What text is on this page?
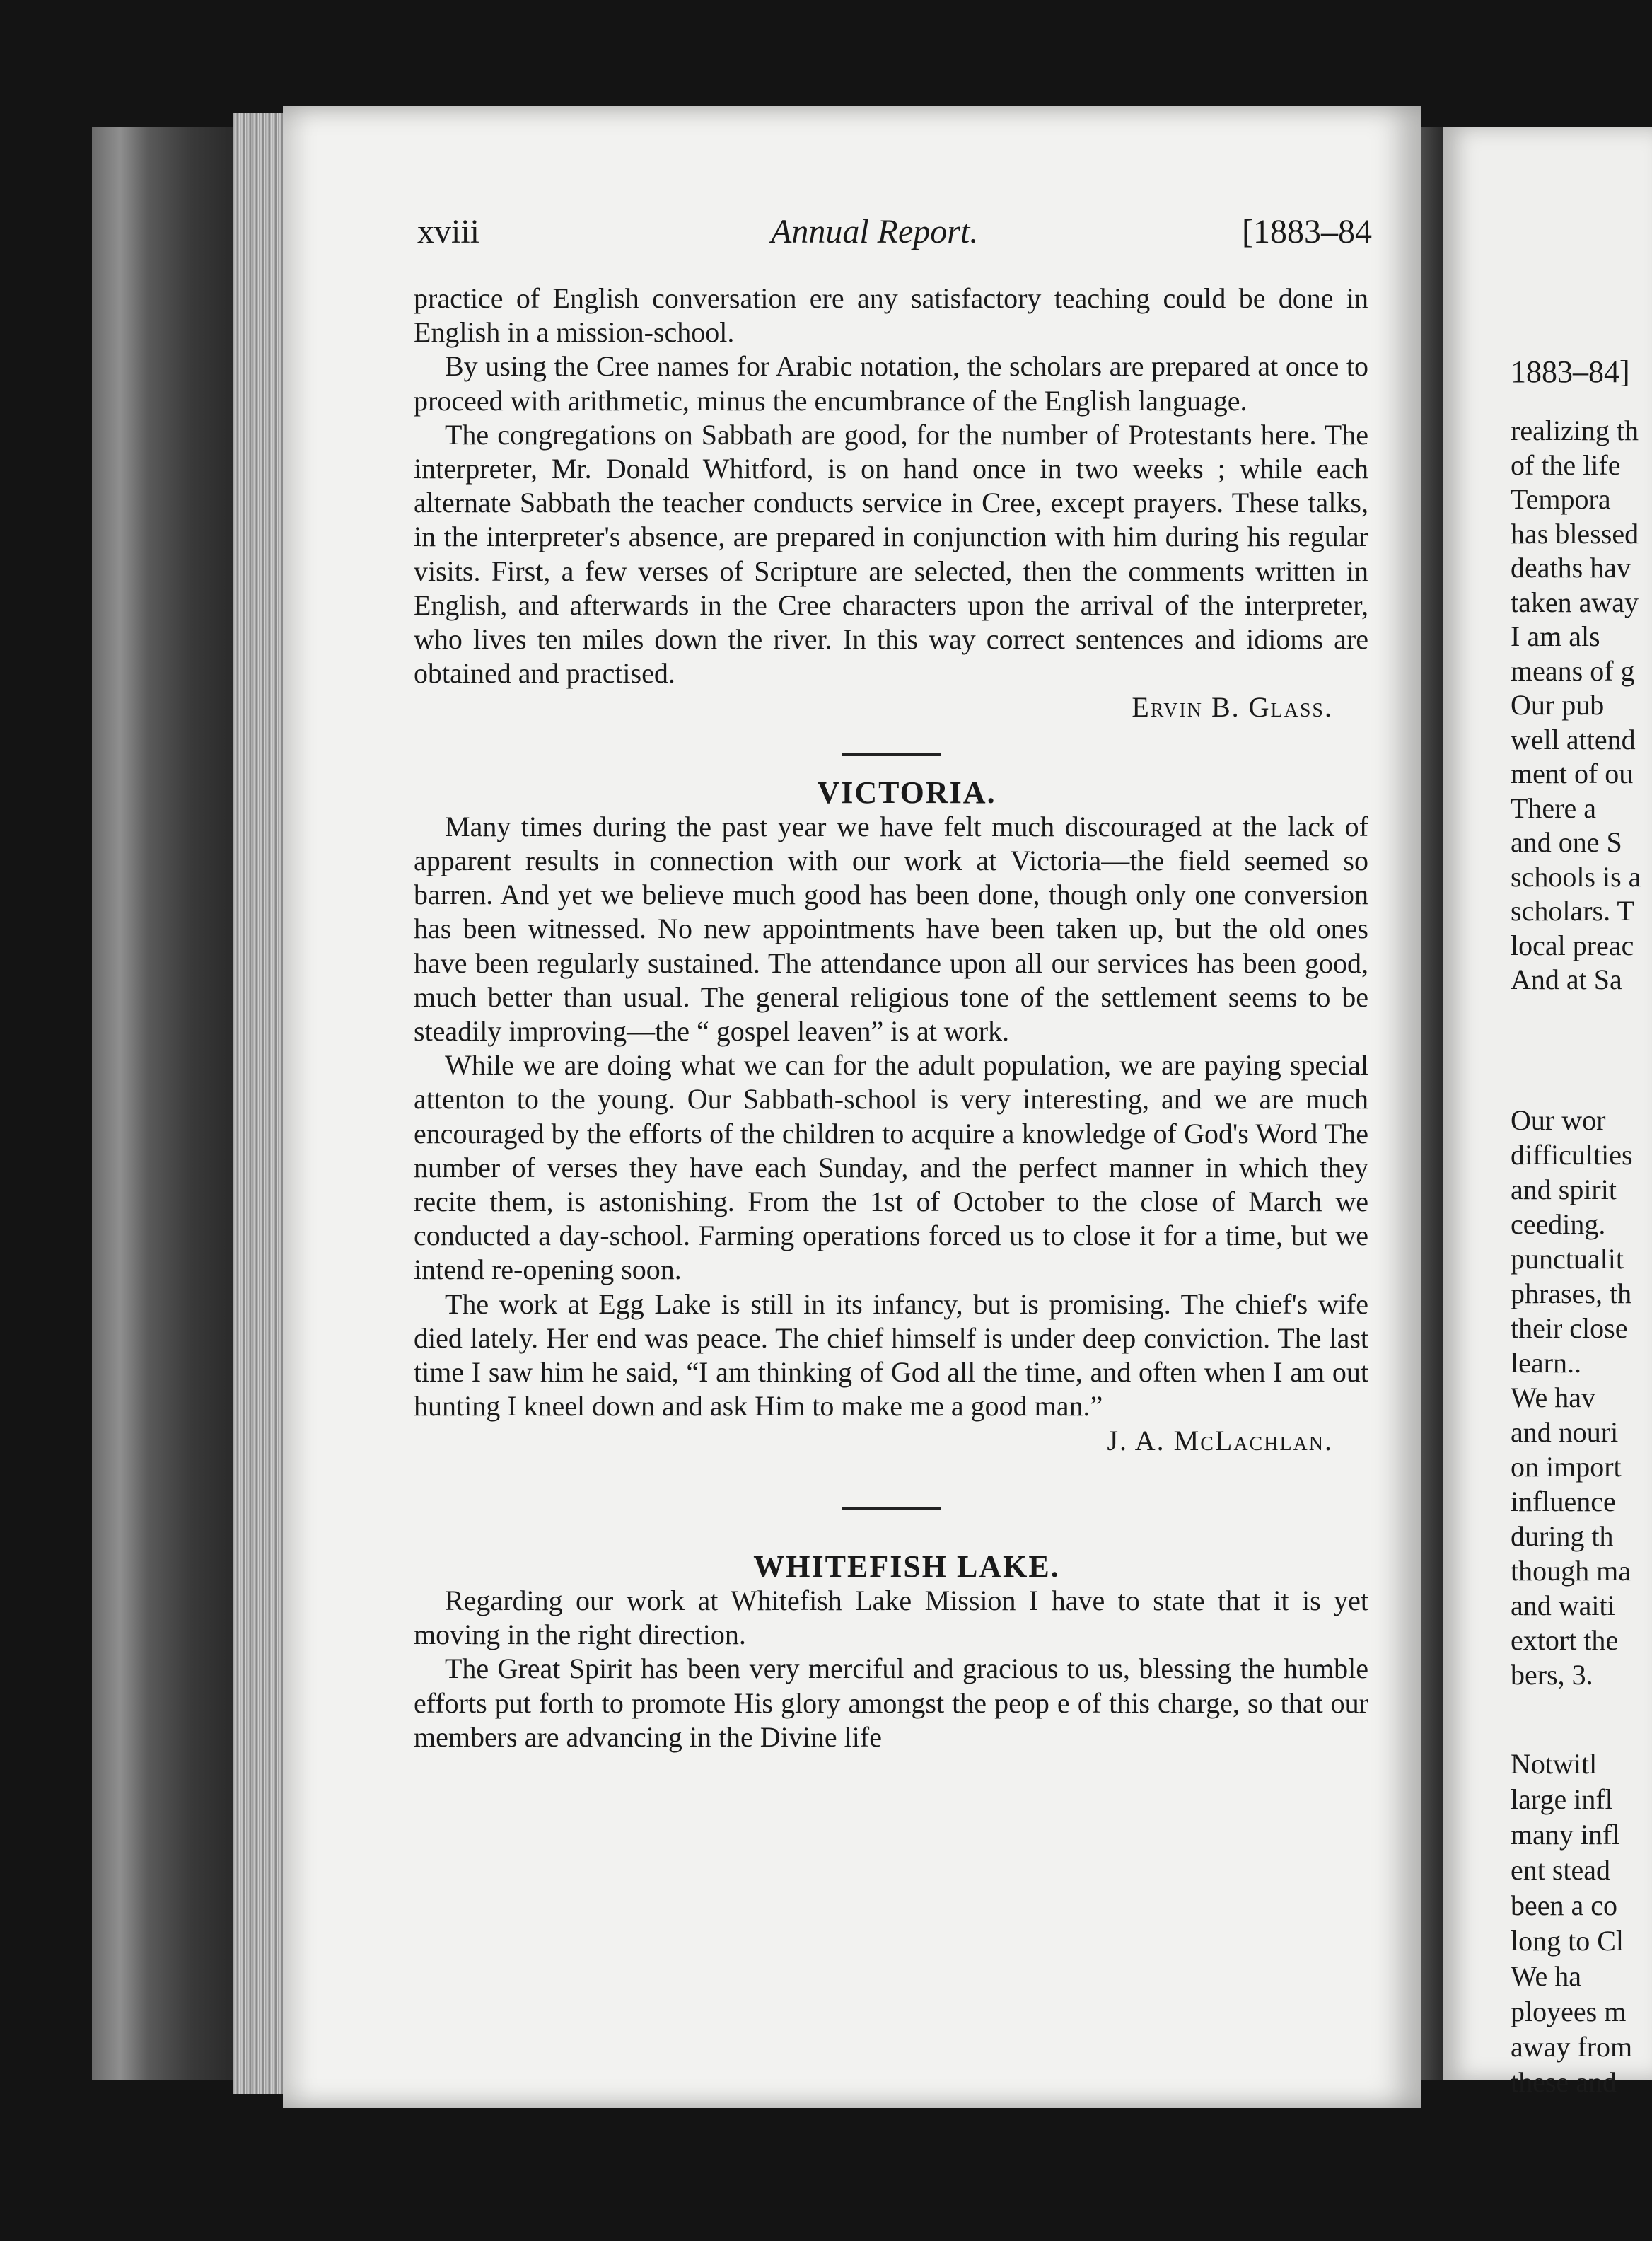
xviii	Annual Report.	[1883–84

practice of English conversation ere any satisfactory teaching could be done in English in a mission-school.

By using the Cree names for Arabic notation, the scholars are prepared at once to proceed with arithmetic, minus the encumbrance of the English language.

The congregations on Sabbath are good, for the number of Protestants here. The interpreter, Mr. Donald Whitford, is on hand once in two weeks ; while each alternate Sabbath the teacher conducts service in Cree, except prayers. These talks, in the interpreter's absence, are prepared in conjunction with him during his regular visits. First, a few verses of Scripture are selected, then the comments written in English, and afterwards in the Cree characters upon the arrival of the interpreter, who lives ten miles down the river. In this way correct sentences and idioms are obtained and practised.

Ervin B. Glass.

VICTORIA.

Many times during the past year we have felt much discouraged at the lack of apparent results in connection with our work at Victoria—the field seemed so barren. And yet we believe much good has been done, though only one conversion has been witnessed. No new appointments have been taken up, but the old ones have been regularly sustained. The attendance upon all our services has been good, much better than usual. The general religious tone of the settlement seems to be steadily improving—the “ gospel leaven” is at work.

While we are doing what we can for the adult population, we are paying special attenton to the young. Our Sabbath-school is very interesting, and we are much encouraged by the efforts of the children to acquire a knowledge of God's Word The number of verses they have each Sunday, and the perfect manner in which they recite them, is astonishing. From the 1st of October to the close of March we conducted a day-school. Farming operations forced us to close it for a time, but we intend re-opening soon.

The work at Egg Lake is still in its infancy, but is promising. The chief's wife died lately. Her end was peace. The chief himself is under deep conviction. The last time I saw him he said, “I am thinking of God all the time, and often when I am out hunting I kneel down and ask Him to make me a good man.”

J. A. McLachlan.

WHITEFISH LAKE.

Regarding our work at Whitefish Lake Mission I have to state that it is yet moving in the right direction.

The Great Spirit has been very merciful and gracious to us, blessing the humble efforts put forth to promote His glory amongst the peop e of this charge, so that our members are advancing in the Divine life

1883–84]
realizing th
of the life
Tempora
has blessed
deaths hav
taken away
I am als
means of g
Our pub
well attend
ment of ou
There a
and one S
schools is a
scholars. T
local preac
And at Sa
Our wor
difficulties
and spirit
ceeding.
punctualit
phrases, th
their close
learn..
We hav
and nouri
on import
influence
during th
though ma
and waiti
extort the
bers, 3.
Notwitl
large infl
many infl
ent stead
been a co
long to Cl
We ha
ployees m
away from
these and
